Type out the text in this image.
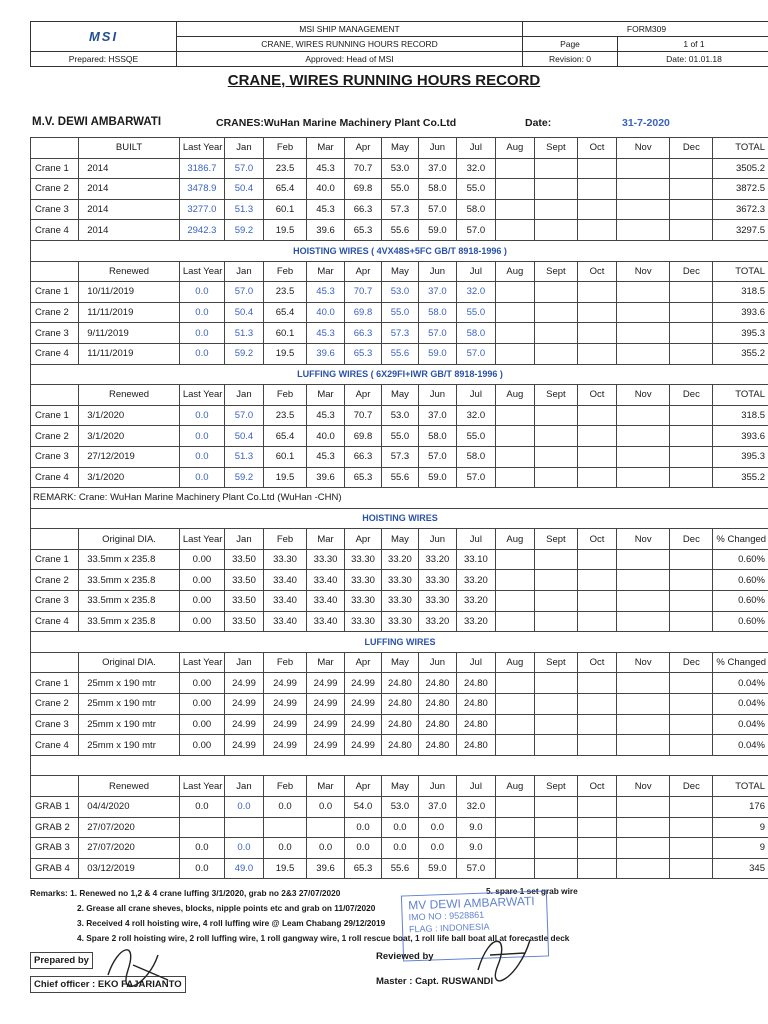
MSI	MSI SHIP MANAGEMENT	FORM309	
	CRANE, WIRES RUNNING HOURS RECORD	Page	1 of 1
Prepared: HSSQE	Approved: Head of MSI	Revision: 0	Date: 01.01.18
CRANE, WIRES RUNNING HOURS RECORD
M.V. DEWI AMBARWATI	CRANES:WuHan Marine Machinery Plant Co.Ltd	Date:	31-7-2020
	BUILT	Last Year	Jan	Feb	Mar	Apr	May	Jun	Jul	Aug	Sept	Oct	Nov	Dec	TOTAL
Crane 1	2014	3186.7	57.0	23.5	45.3	70.7	53.0	37.0	32.0						3505.2
Crane 2	2014	3478.9	50.4	65.4	40.0	69.8	55.0	58.0	55.0						3872.5
Crane 3	2014	3277.0	51.3	60.1	45.3	66.3	57.3	57.0	58.0						3672.3
Crane 4	2014	2942.3	59.2	19.5	39.6	65.3	55.6	59.0	57.0						3297.5
HOISTING WIRES ( 4VX48S+5FC GB/T 8918-1996 )															
	Renewed	Last Year	Jan	Feb	Mar	Apr	May	Jun	Jul	Aug	Sept	Oct	Nov	Dec	TOTAL
Crane 1	10/11/2019	0.0	57.0	23.5	45.3	70.7	53.0	37.0	32.0						318.5
Crane 2	11/11/2019	0.0	50.4	65.4	40.0	69.8	55.0	58.0	55.0						393.6
Crane 3	9/11/2019	0.0	51.3	60.1	45.3	66.3	57.3	57.0	58.0						395.3
Crane 4	11/11/2019	0.0	59.2	19.5	39.6	65.3	55.6	59.0	57.0						355.2
LUFFING WIRES ( 6X29FI+IWR GB/T 8918-1996 )															
	Renewed	Last Year	Jan	Feb	Mar	Apr	May	Jun	Jul	Aug	Sept	Oct	Nov	Dec	TOTAL
Crane 1	3/1/2020	0.0	57.0	23.5	45.3	70.7	53.0	37.0	32.0						318.5
Crane 2	3/1/2020	0.0	50.4	65.4	40.0	69.8	55.0	58.0	55.0						393.6
Crane 3	27/12/2019	0.0	51.3	60.1	45.3	66.3	57.3	57.0	58.0						395.3
Crane 4	3/1/2020	0.0	59.2	19.5	39.6	65.3	55.6	59.0	57.0						355.2
REMARK: Crane: WuHan Marine Machinery Plant Co.Ltd (WuHan -CHN)															
HOISTING WIRES															
	Original DIA.	Last Year	Jan	Feb	Mar	Apr	May	Jun	Jul	Aug	Sept	Oct	Nov	Dec	% Changed
Crane 1	33.5mm x 235.8	0.00	33.50	33.30	33.30	33.30	33.20	33.20	33.10						0.60%
Crane 2	33.5mm x 235.8	0.00	33.50	33.40	33.40	33.30	33.30	33.30	33.20						0.60%
Crane 3	33.5mm x 235.8	0.00	33.50	33.40	33.40	33.30	33.30	33.30	33.20						0.60%
Crane 4	33.5mm x 235.8	0.00	33.50	33.40	33.40	33.30	33.30	33.20	33.20						0.60%
LUFFING WIRES															
	Original DIA.	Last Year	Jan	Feb	Mar	Apr	May	Jun	Jul	Aug	Sept	Oct	Nov	Dec	% Changed
Crane 1	25mm x 190 mtr	0.00	24.99	24.99	24.99	24.99	24.80	24.80	24.80						0.04%
Crane 2	25mm x 190 mtr	0.00	24.99	24.99	24.99	24.99	24.80	24.80	24.80						0.04%
Crane 3	25mm x 190 mtr	0.00	24.99	24.99	24.99	24.99	24.80	24.80	24.80						0.04%
Crane 4	25mm x 190 mtr	0.00	24.99	24.99	24.99	24.99	24.80	24.80	24.80						0.04%

	Renewed	Last Year	Jan	Feb	Mar	Apr	May	Jun	Jul	Aug	Sept	Oct	Nov	Dec	TOTAL
GRAB 1	04/4/2020	0.0	0.0	0.0	0.0	54.0	53.0	37.0	32.0						176
GRAB 2	27/07/2020					0.0	0.0	0.0	9.0						9
GRAB 3	27/07/2020	0.0	0.0	0.0	0.0	0.0	0.0	0.0	9.0						9
GRAB 4	03/12/2019	0.0	49.0	19.5	39.6	65.3	55.6	59.0	57.0						345
Remarks: 1. Renewed no 1,2 & 4 crane luffing 3/1/2020, grab no 2&3 27/07/2020
2. Grease all crane sheves, blocks, nipple points etc and grab on 11/07/2020
3. Received 4 roll hoisting wire, 4 roll luffing wire @ Leam Chabang 29/12/2019
4. Spare 2 roll hoisting wire, 2 roll luffing wire, 1 roll gangway wire, 1 roll rescue boat, 1 roll life ball boat all at forecastle deck
5. spare 1 set grab wire
MV DEWI AMBARWATI
IMO NO : 9528861
FLAG : INDONESIA
Prepared by
Chief officer : EKO FAJARIANTO
Reviewed by
Master : Capt. RUSWANDI
